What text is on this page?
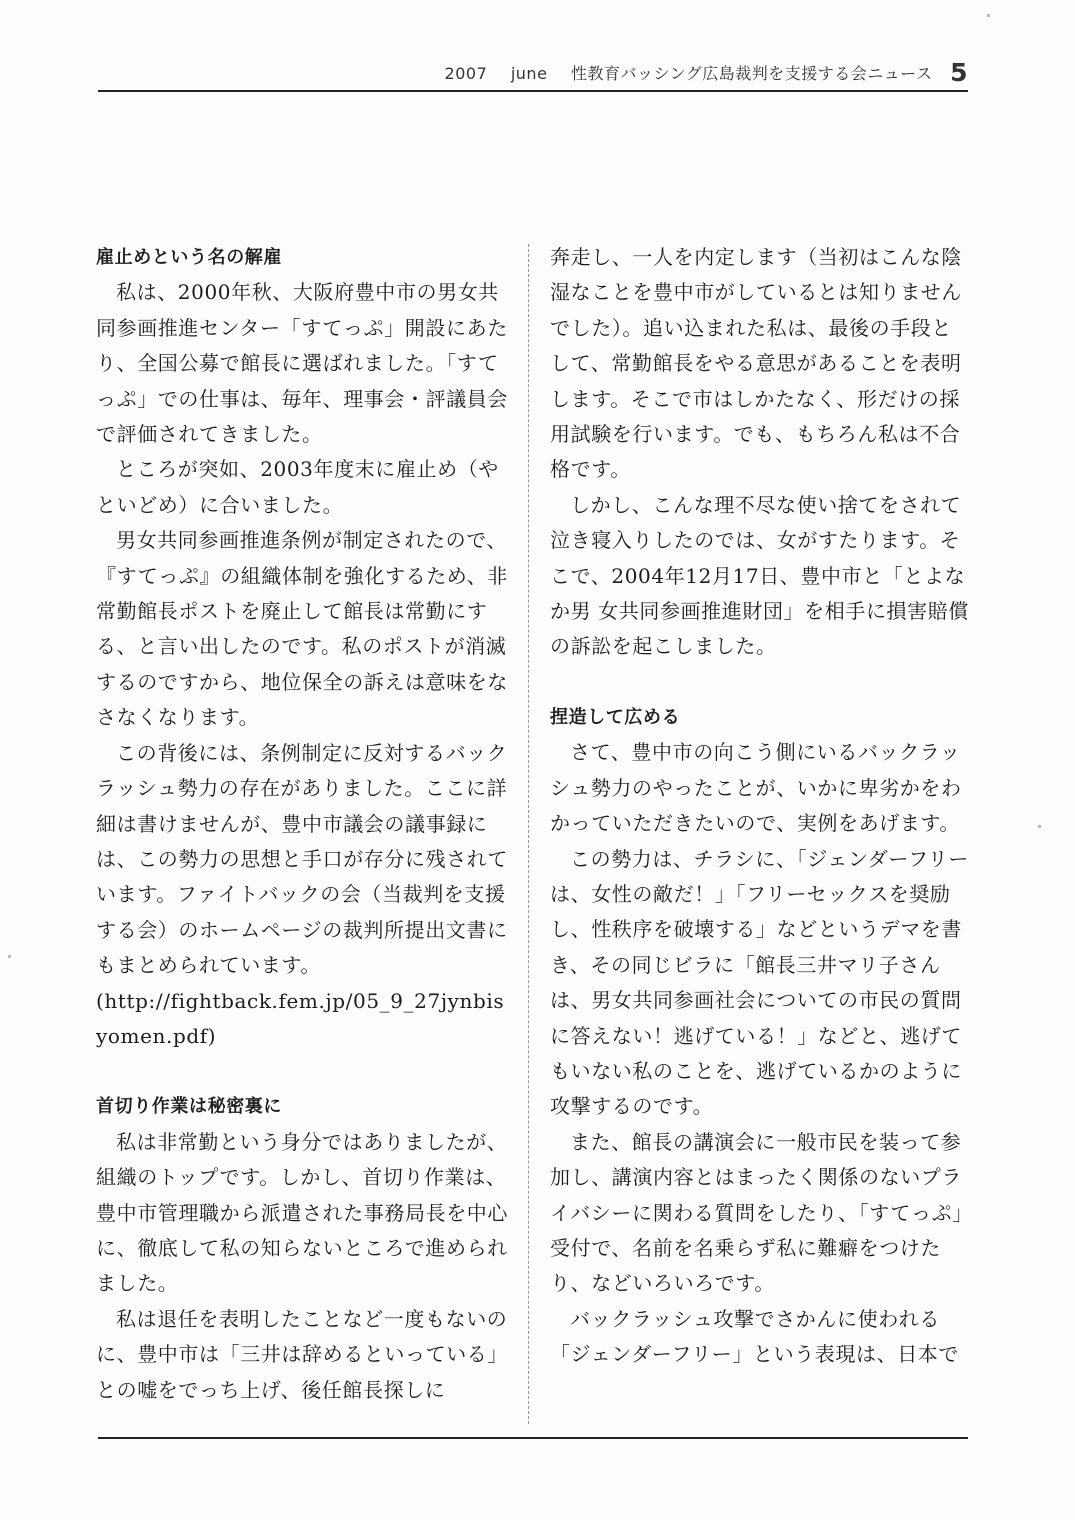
2007 june 性教育バッシング広島裁判を支援する会ニュース 5
雇止めという名の解雇

私は、2000年秋、大阪府豊中市の男女共同参画推進センター「すてっぷ」開設にあたり、全国公募で館長に選ばれました。「すてっぷ」での仕事は、毎年、理事会・評議員会で評価されてきました。

ところが突如、2003年度末に雇止め（やといどめ）に合いました。

男女共同参画推進条例が制定されたので、『すてっぷ』の組織体制を強化するため、非常勤館長ポストを廃止して館長は常勤にする、と言い出したのです。私のポストが消滅するのですから、地位保全の訴えは意味をなさなくなります。

この背後には、条例制定に反対するバックラッシュ勢力の存在がありました。ここに詳細は書けませんが、豊中市議会の議事録には、この勢力の思想と手口が存分に残されています。ファイトバックの会（当裁判を支援する会）のホームページの裁判所提出文書にもまとめられています。

(http://fightback.fem.jp/05_9_27jynbisyomen.pdf)

首切り作業は秘密裏に

私は非常勤という身分ではありましたが、組織のトップです。しかし、首切り作業は、豊中市管理職から派遣された事務局長を中心に、徹底して私の知らないところで進められました。

私は退任を表明したことなど一度もないのに、豊中市は「三井は辞めるといっている」との嘘をでっち上げ、後任館長探しに

奔走し、一人を内定します（当初はこんな陰湿なことを豊中市がしているとは知りませんでした）。追い込まれた私は、最後の手段として、常勤館長をやる意思があることを表明します。そこで市はしかたなく、形だけの採用試験を行います。でも、もちろん私は不合格です。

しかし、こんな理不尽な使い捨てをされて泣き寝入りしたのでは、女がすたります。そこで、2004年12月17日、豊中市と「とよなか男 女共同参画推進財団」を相手に損害賠償の訴訟を起こしました。

捏造して広める

さて、豊中市の向こう側にいるバックラッシュ勢力のやったことが、いかに卑劣かをわかっていただきたいので、実例をあげます。

この勢力は、チラシに、「ジェンダーフリーは、女性の敵だ！」「フリーセックスを奨励し、性秩序を破壊する」などというデマを書き、その同じビラに「館長三井マリ子さんは、男女共同参画社会についての市民の質問に答えない！逃げている！」などと、逃げてもいない私のことを、逃げているかのように攻撃するのです。

また、館長の講演会に一般市民を装って参加し、講演内容とはまったく関係のないプライバシーに関わる質問をしたり、「すてっぷ」受付で、名前を名乗らず私に難癖をつけたり、などいろいろです。

バックラッシュ攻撃でさかんに使われる「ジェンダーフリー」という表現は、日本で
